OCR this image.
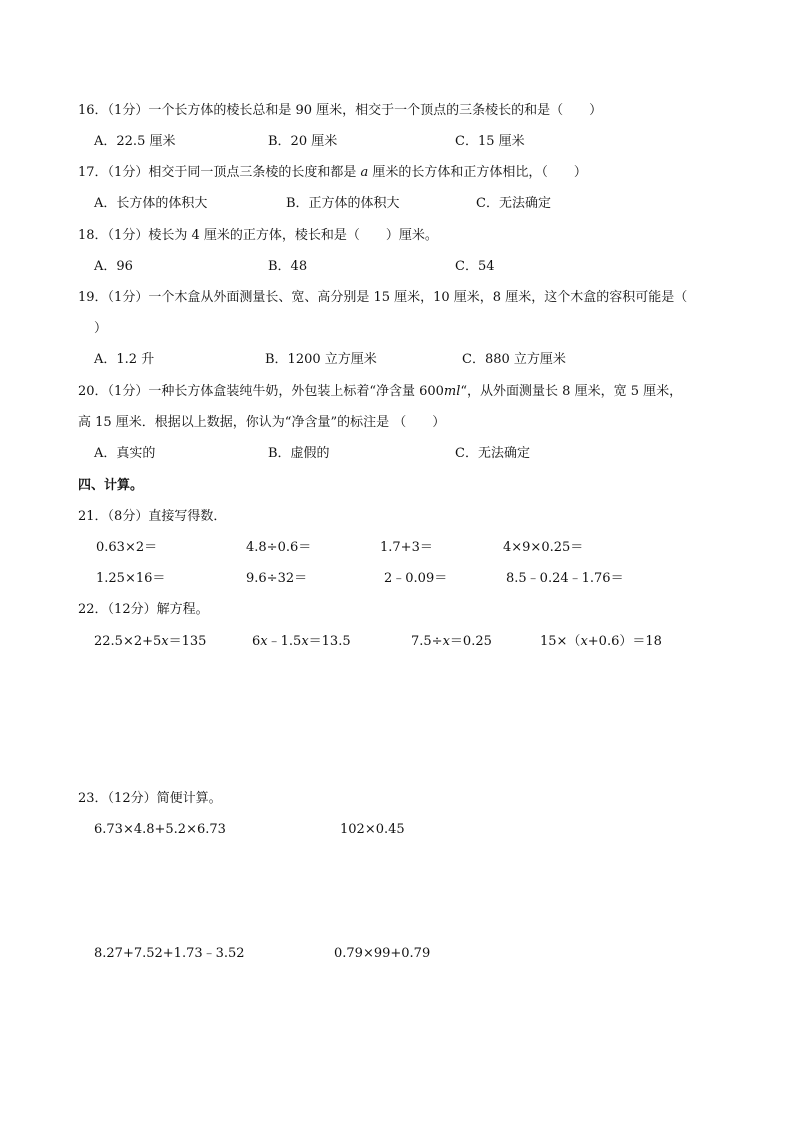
16．（1分）一个长方体的棱长总和是 90 厘米，相交于一个顶点的三条棱长的和是（　　）
A．22.5 厘米	B．20 厘米	C．15 厘米
17．（1分）相交于同一顶点三条棱的长度和都是 a 厘米的长方体和正方体相比，（　　）
A．长方体的体积大	B．正方体的体积大	C．无法确定
18．（1分）棱长为 4 厘米的正方体，棱长和是（　　）厘米。
A．96	B．48	C．54
19．（1分）一个木盒从外面测量长、宽、高分别是 15 厘米，10 厘米，8 厘米，这个木盒的容积可能是（
）
A．1.2 升	B．1200 立方厘米	C．880 立方厘米
20．（1分）一种长方体盒装纯牛奶，外包装上标着“净含量 600ml“，从外面测量长 8 厘米，宽 5 厘米，
高 15 厘米．根据以上数据，你认为“净含量”的标注是 （　　）
A．真实的	B．虚假的	C．无法确定
四、计算。
21．（8分）直接写得数．
0.63×2＝	4.8÷0.6＝	1.7+3＝	4×9×0.25＝
1.25×16＝	9.6÷32＝	2﹣0.09＝	8.5﹣0.24﹣1.76＝
22．（12分）解方程。
22.5×2+5x＝135	6x﹣1.5x＝13.5	7.5÷x＝0.25	15×（x+0.6）＝18
23．（12分）简便计算。
6.73×4.8+5.2×6.73	102×0.45
8.27+7.52+1.73﹣3.52	0.79×99+0.79
